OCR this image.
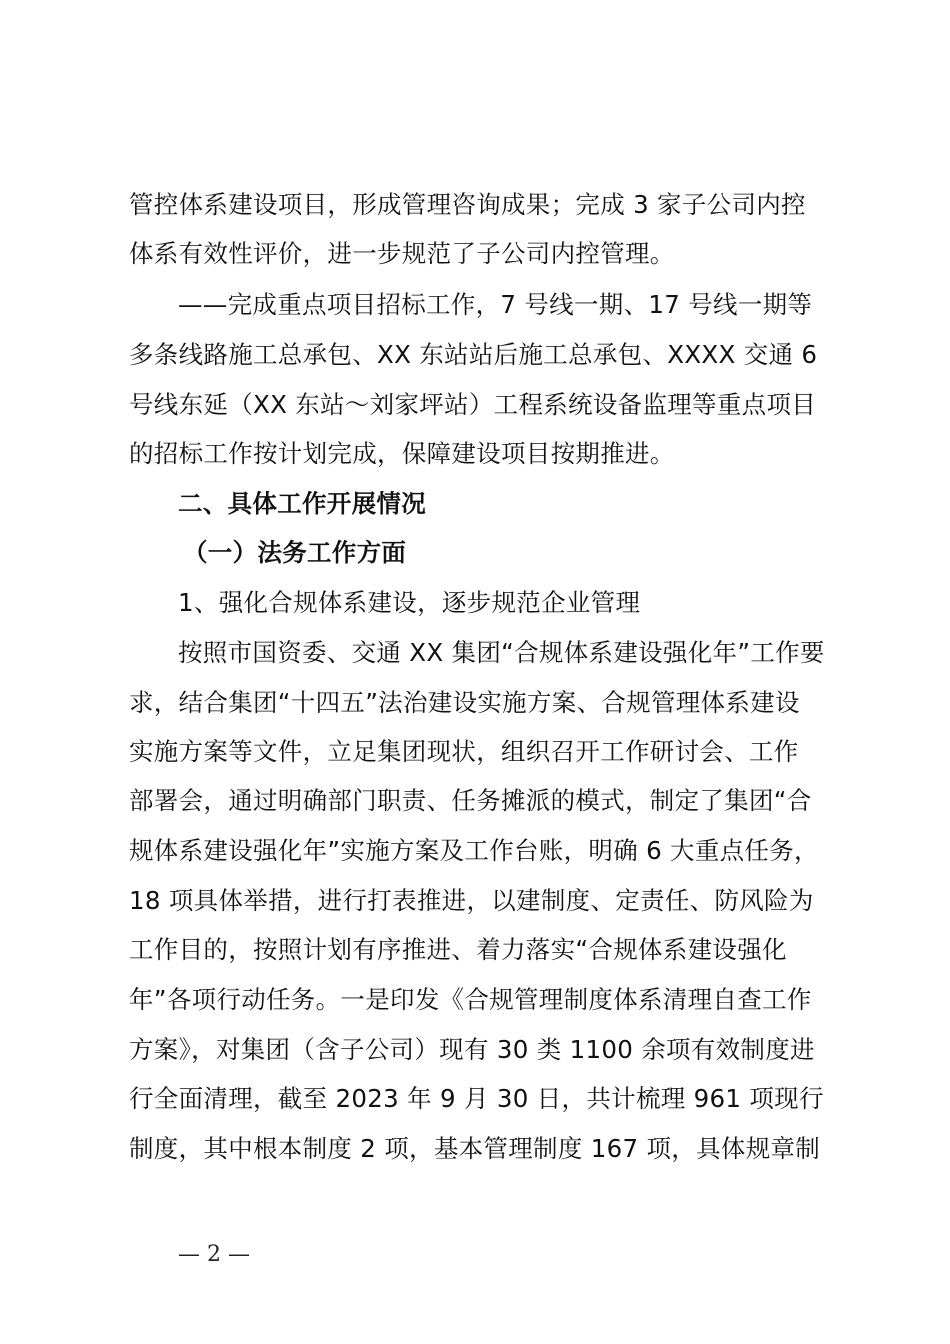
管控体系建设项目，形成管理咨询成果；完成 3 家子公司内控
体系有效性评价，进一步规范了子公司内控管理。
——完成重点项目招标工作，7 号线一期、17 号线一期等
多条线路施工总承包、XX 东站站后施工总承包、XXXX 交通 6
号线东延（XX 东站～刘家坪站）工程系统设备监理等重点项目
的招标工作按计划完成，保障建设项目按期推进。
二、具体工作开展情况
（一）法务工作方面
1、强化合规体系建设，逐步规范企业管理
按照市国资委、交通 XX 集团“合规体系建设强化年”工作要
求，结合集团“十四五”法治建设实施方案、合规管理体系建设
实施方案等文件，立足集团现状，组织召开工作研讨会、工作
部署会，通过明确部门职责、任务摊派的模式，制定了集团“合
规体系建设强化年”实施方案及工作台账，明确 6 大重点任务，
18 项具体举措，进行打表推进，以建制度、定责任、防风险为
工作目的，按照计划有序推进、着力落实“合规体系建设强化
年”各项行动任务。一是印发《合规管理制度体系清理自查工作
方案》，对集团（含子公司）现有 30 类 1100 余项有效制度进
行全面清理，截至 2023 年 9 月 30 日，共计梳理 961 项现行
制度，其中根本制度 2 项，基本管理制度 167 项，具体规章制
— 2 —
